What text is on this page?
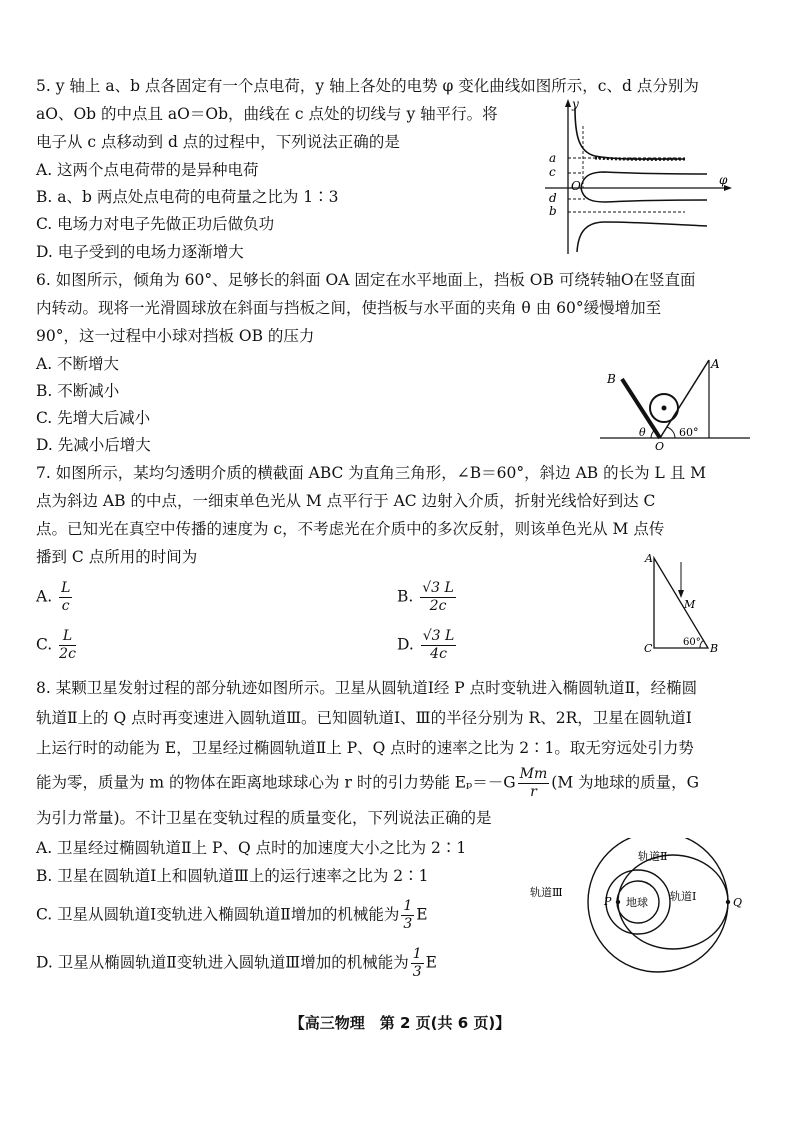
5. y 轴上 a、b 点各固定有一个点电荷，y 轴上各处的电势 φ 变化曲线如图所示，c、d 点分别为
aO、Ob 的中点且 aO＝Ob，曲线在 c 点处的切线与 y 轴平行。将
电子从 c 点移动到 d 点的过程中，下列说法正确的是
A. 这两个点电荷带的是异种电荷
B. a、b 两点处点电荷的电荷量之比为 1∶3
C. 电场力对电子先做正功后做负功
D. 电子受到的电场力逐渐增大
y
φ
a
c
O
d
b
6. 如图所示，倾角为 60°、足够长的斜面 OA 固定在水平地面上，挡板 OB 可绕转轴O在竖直面
内转动。现将一光滑圆球放在斜面与挡板之间，使挡板与水平面的夹角 θ 由 60°缓慢增加至
90°，这一过程中小球对挡板 OB 的压力
A. 不断增大
B. 不断减小
C. 先增大后减小
D. 先减小后增大
A
B
O
θ	60°
7. 如图所示，某均匀透明介质的横截面 ABC 为直角三角形，∠B＝60°，斜边 AB 的长为 L 且 M
点为斜边 AB 的中点，一细束单色光从 M 点平行于 AC 边射入介质，折射光线恰好到达 C
点。已知光在真空中传播的速度为 c，不考虑光在介质中的多次反射，则该单色光从 M 点传
播到 C 点所用的时间为
A. $\frac{L}{c}$	B. $\frac{√3 L}{2c}$
C. $\frac{L}{2c}$	D. $\frac{√3 L}{4c}$
A
M
C	B
60°
8. 某颗卫星发射过程的部分轨迹如图所示。卫星从圆轨道Ⅰ经 P 点时变轨进入椭圆轨道Ⅱ，经椭圆
轨道Ⅱ上的 Q 点时再变速进入圆轨道Ⅲ。已知圆轨道Ⅰ、Ⅲ的半径分别为 R、2R，卫星在圆轨道Ⅰ
上运行时的动能为 E，卫星经过椭圆轨道Ⅱ上 P、Q 点时的速率之比为 2∶1。取无穷远处引力势
能为零，质量为 m 的物体在距离地球球心为 r 时的引力势能 $E_p=-G \frac{Mm}{r} (M$ 为地球的质量，G
为引力常量)。不计卫星在变轨过程的质量变化，下列说法正确的是
A. 卫星经过椭圆轨道Ⅱ上 P、Q 点时的加速度大小之比为 2∶1
B. 卫星在圆轨道Ⅰ上和圆轨道Ⅲ上的运行速率之比为 2∶1
C. 卫星从圆轨道Ⅰ变轨进入椭圆轨道Ⅱ增加的机械能为 $\frac{1}{3}$ E
D. 卫星从椭圆轨道Ⅱ变轨进入圆轨道Ⅲ增加的机械能为 $\frac{1}{3}$ E
轨道Ⅱ
轨道Ⅲ	轨道Ⅰ
P	Q
地球
【高三物理　第 2 页(共 6 页)】
